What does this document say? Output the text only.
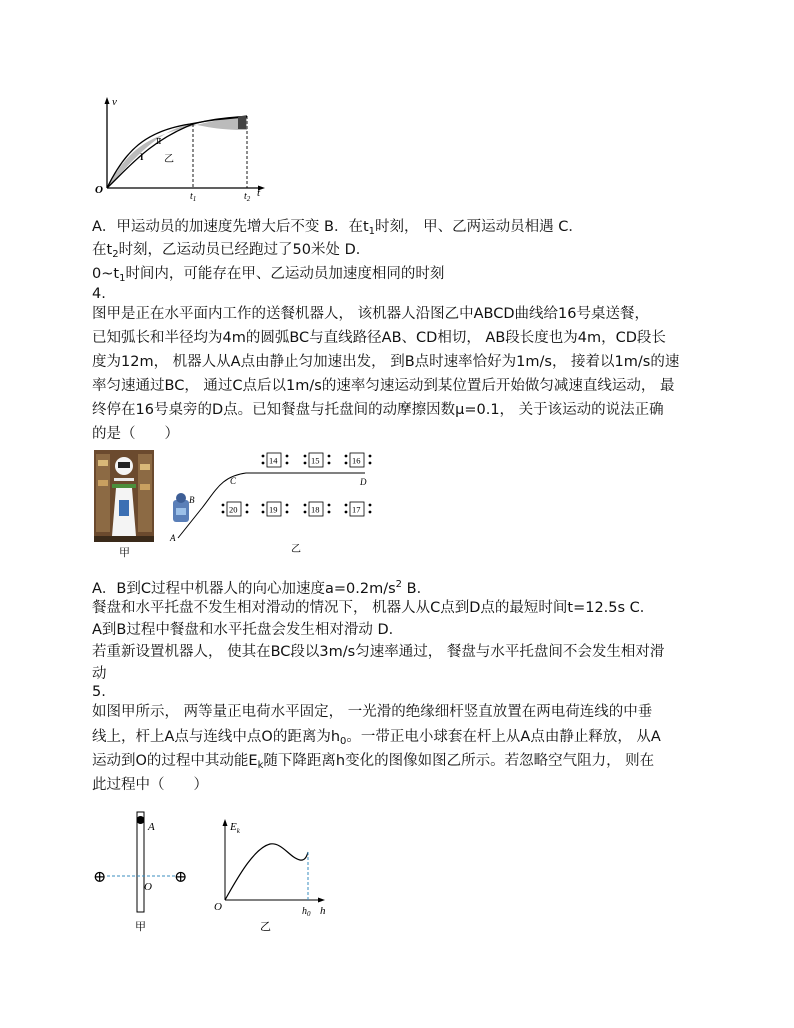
v
O	t
$t_1$	$t_2$
乙
I
Ⅱ
A．甲运动员的加速度先增大后不变 B．在$t_1$时刻， 甲、乙两运动员相遇 C．
在$t_2$时刻，乙运动员已经跑过了50米处 D．
$0\sim t_1$时间内，可能存在甲、乙运动员加速度相同的时刻
4.
图甲是正在水平面内工作的送餐机器人， 该机器人沿图乙中ABCD曲线给16号桌送餐，
已知弧长和半径均为4m的圆弧BC与直线路径AB、CD相切， AB段长度也为4m，CD段长
度为12m， 机器人从A点由静止匀加速出发， 到B点时速率恰好为1m/s， 接着以1m/s的速
率匀速通过BC， 通过C点后以1m/s的速率匀速运动到某位置后开始做匀减速直线运动， 最
终停在16号桌旁的D点。已知餐盘与托盘间的动摩擦因数μ=0.1， 关于该运动的说法正确
的是（　　）
甲
A
B
C	D
14	15	16
20	19	18	17
乙
A．B到C过程中机器人的向心加速度$a=0.2m/s^2$ B．
餐盘和水平托盘不发生相对滑动的情况下， 机器人从C点到D点的最短时间t=12.5s C．
A到B过程中餐盘和水平托盘会发生相对滑动 D．
若重新设置机器人， 使其在BC段以3m/s匀速率通过， 餐盘与水平托盘间不会发生相对滑
动
5.
如图甲所示， 两等量正电荷水平固定， 一光滑的绝缘细杆竖直放置在两电荷连线的中垂
线上，杆上A点与连线中点O的距离为$h_0$。一带正电小球套在杆上从A点由静止释放， 从A
运动到O的过程中其动能$E_k$随下降距离h变化的图像如图乙所示。若忽略空气阻力， 则在
此过程中（　　）
⊕	⊕
A
O
甲
$E_k$
O	h
$h_0$
乙
